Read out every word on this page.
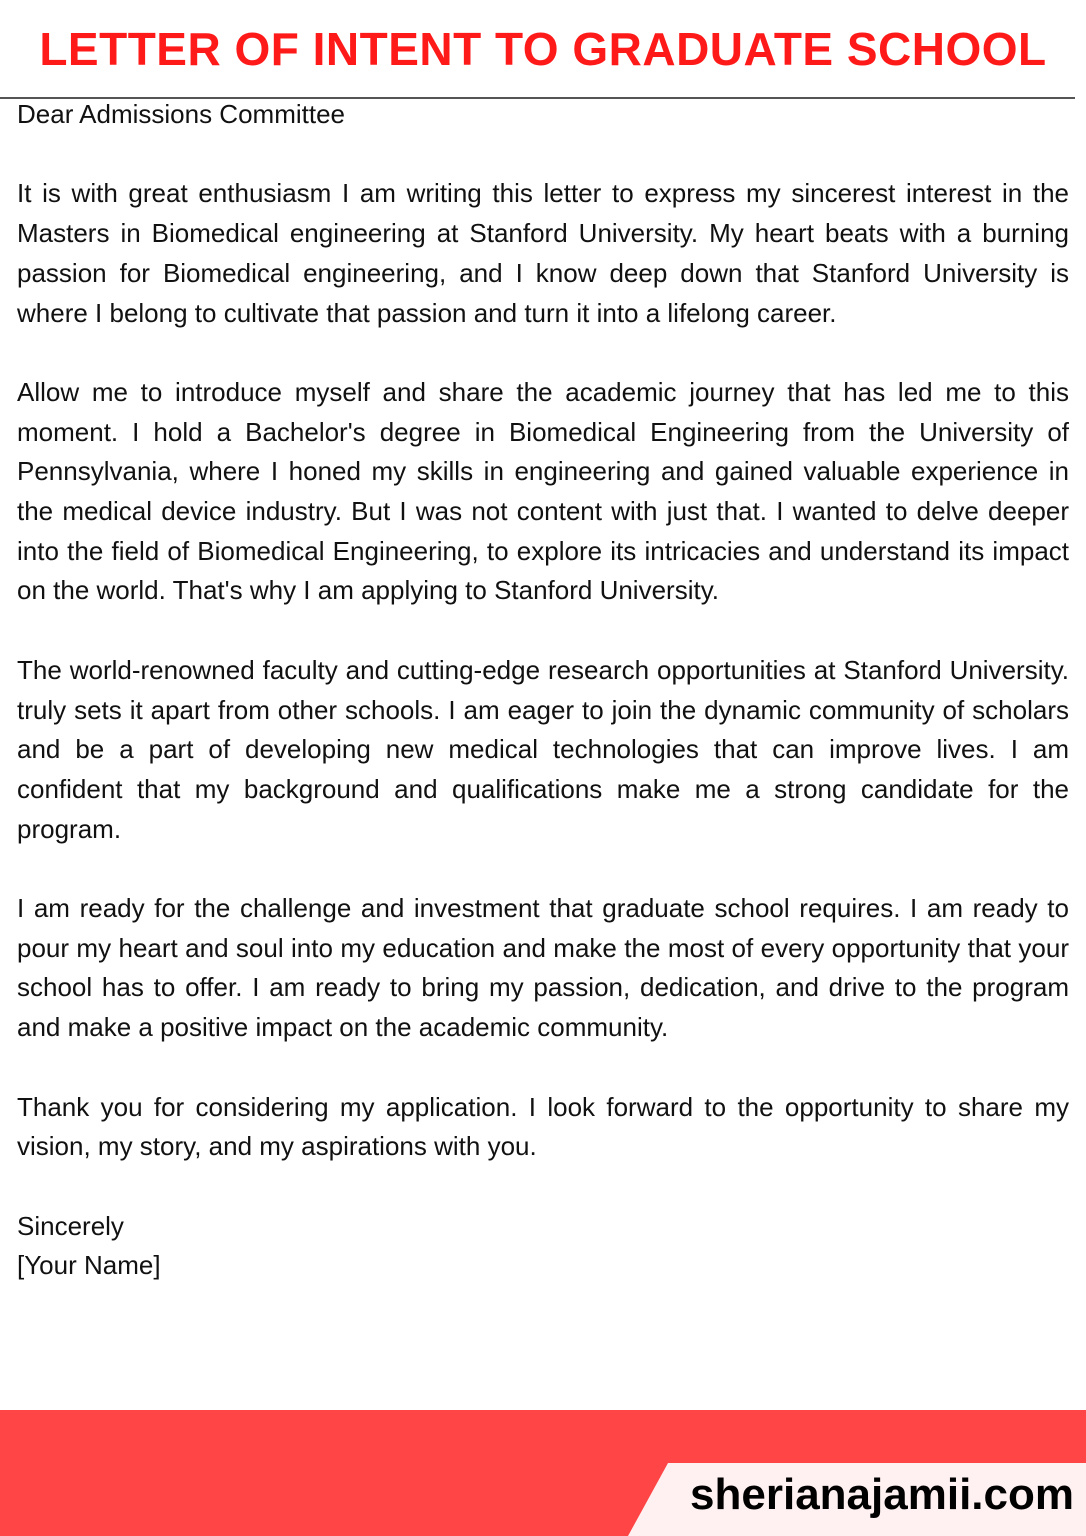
LETTER OF INTENT TO GRADUATE SCHOOL

Dear Admissions Committee

It is with great enthusiasm I am writing this letter to express my sincerest interest in the Masters in Biomedical engineering at Stanford University. My heart beats with a burning passion for Biomedical engineering, and I know deep down that Stanford University is where I belong to cultivate that passion and turn it into a lifelong career.

Allow me to introduce myself and share the academic journey that has led me to this moment. I hold a Bachelor's degree in Biomedical Engineering from the University of Pennsylvania, where I honed my skills in engineering and gained valuable experience in the medical device industry. But I was not content with just that. I wanted to delve deeper into the field of Biomedical Engineering, to explore its intricacies and understand its impact on the world. That's why I am applying to Stanford University.

The world-renowned faculty and cutting-edge research opportunities at Stanford University. truly sets it apart from other schools. I am eager to join the dynamic community of scholars and be a part of developing new medical technologies that can improve lives. I am confident that my background and qualifications make me a strong candidate for the program.

I am ready for the challenge and investment that graduate school requires. I am ready to pour my heart and soul into my education and make the most of every opportunity that your school has to offer. I am ready to bring my passion, dedication, and drive to the program and make a positive impact on the academic community.

Thank you for considering my application. I look forward to the opportunity to share my vision, my story, and my aspirations with you.

Sincerely

[Your Name]

sherianajamii.com
